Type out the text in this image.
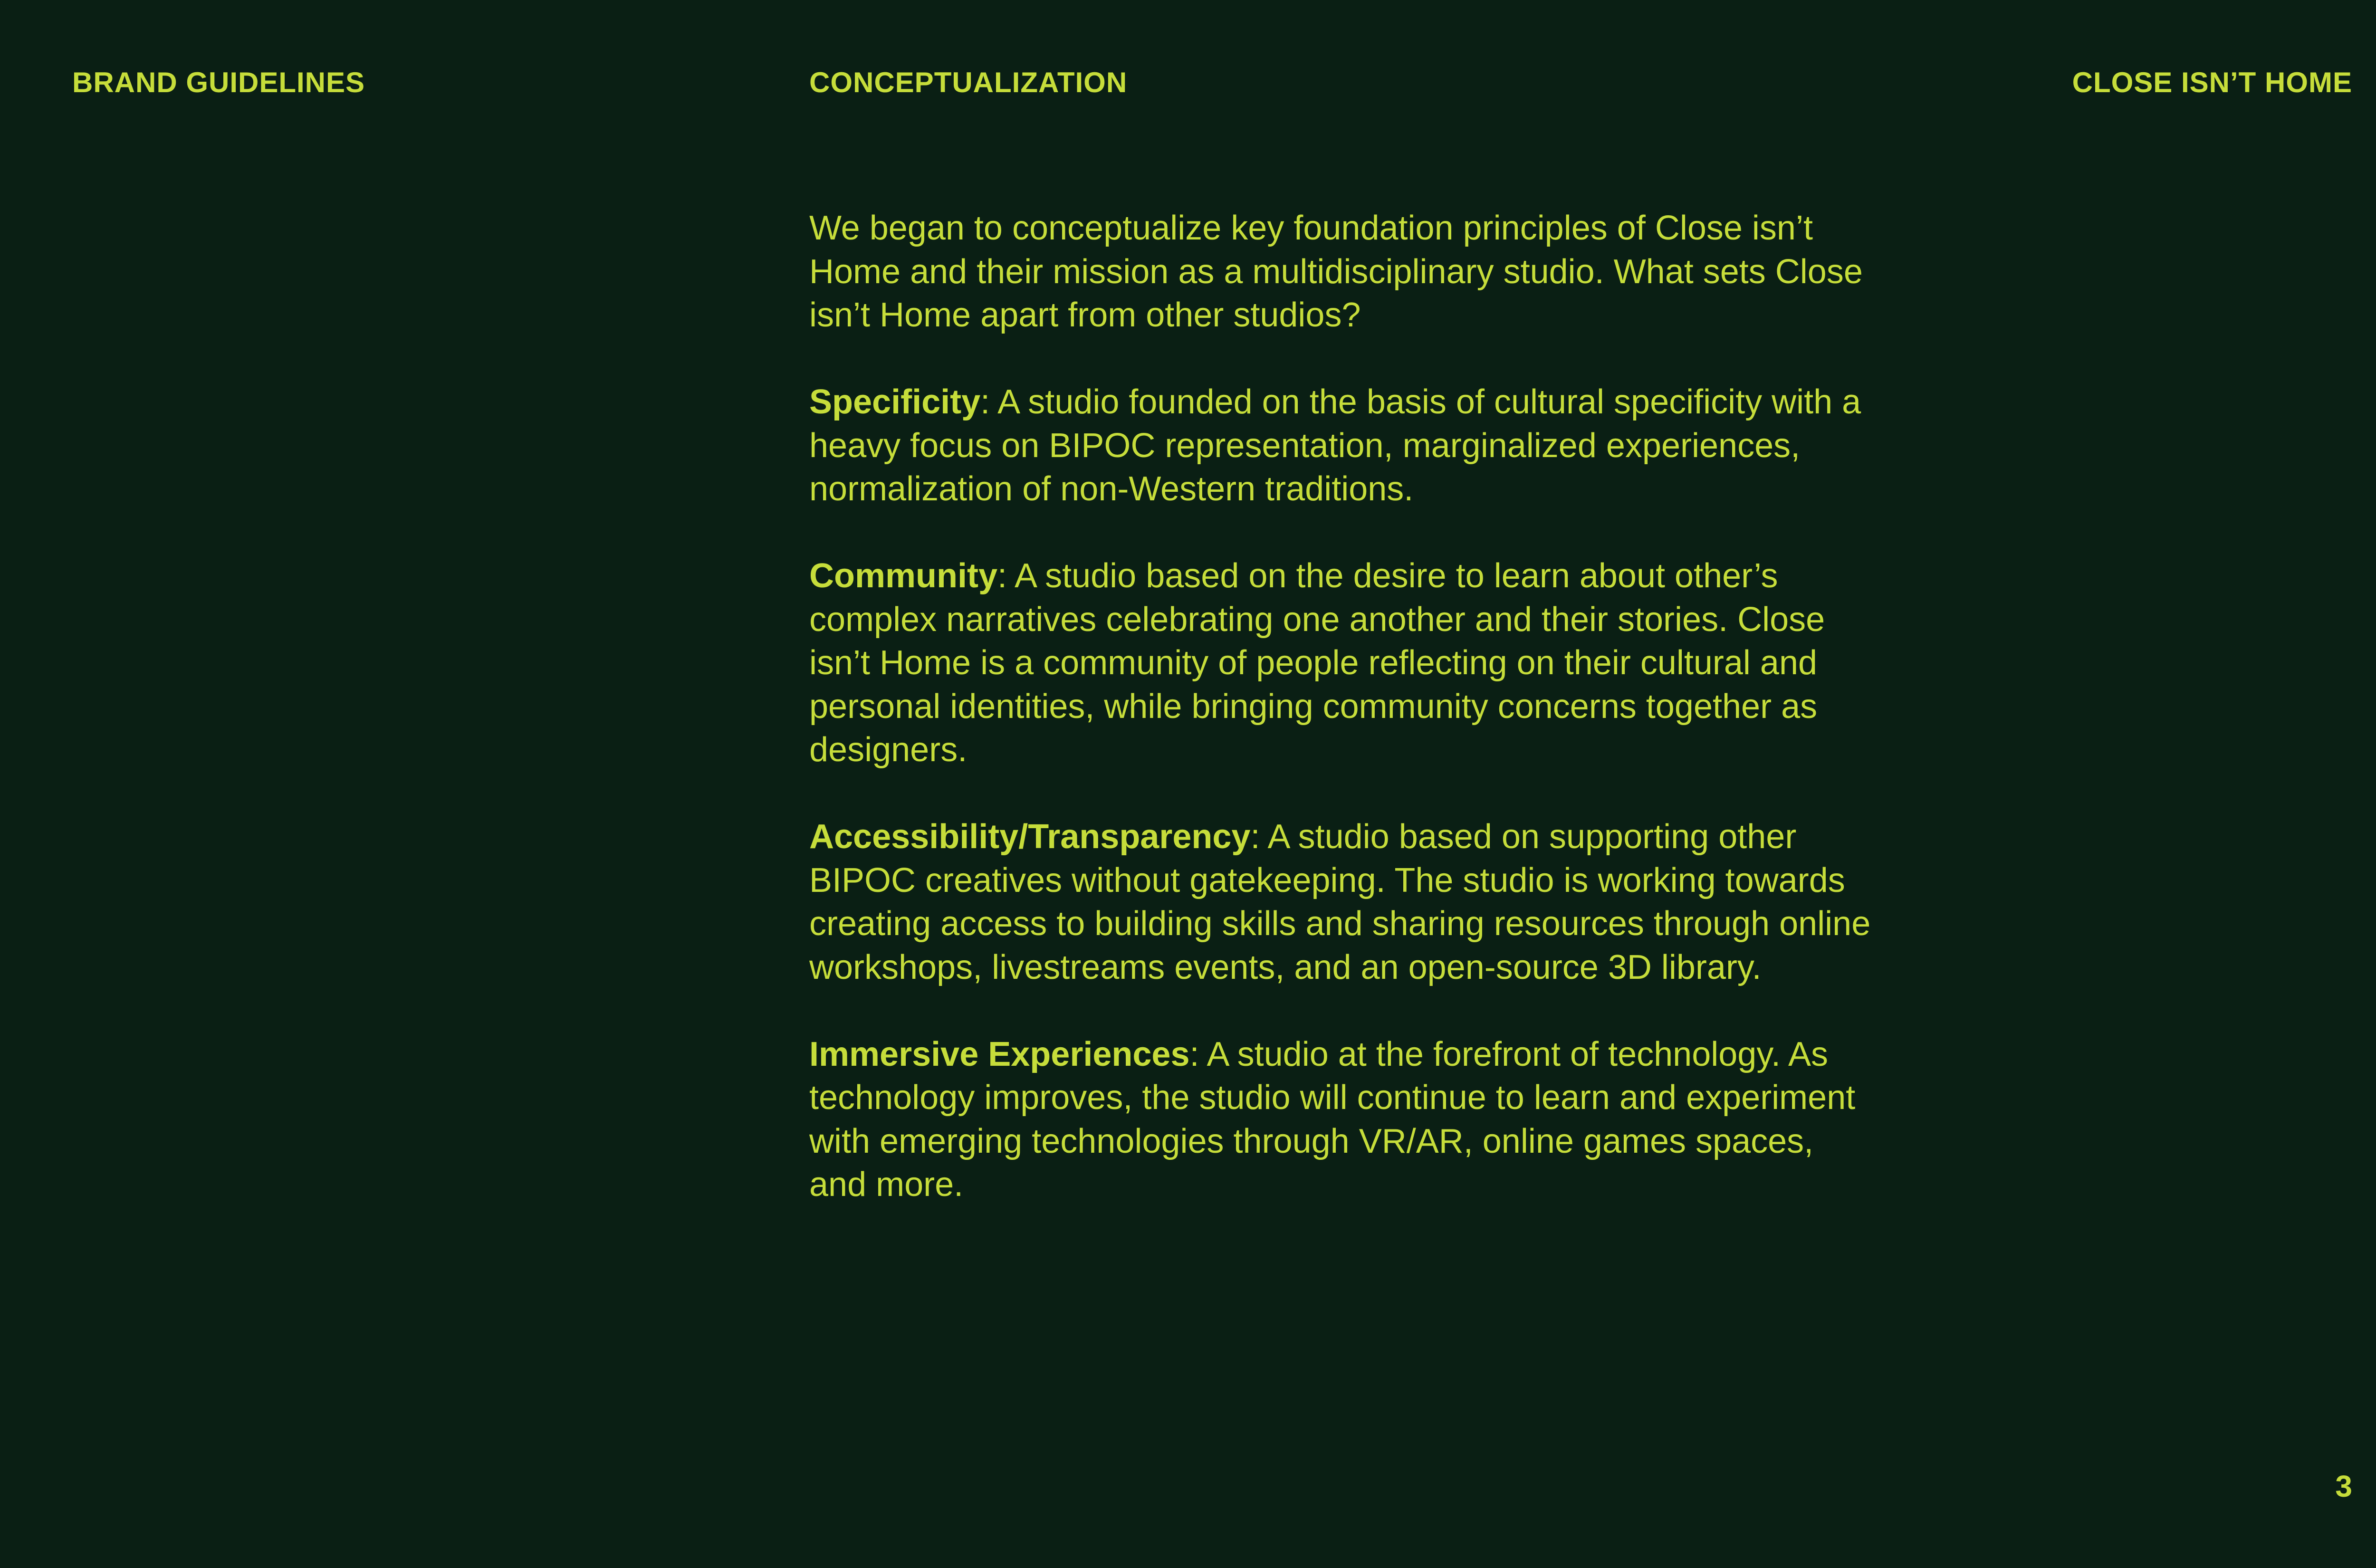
BRAND GUIDELINES	CONCEPTUALIZATION	CLOSE ISN’T HOME

We began to conceptualize key foundation principles of Close isn’t Home and their mission as a multidisciplinary studio. What sets Close isn’t Home apart from other studios?

Specificity: A studio founded on the basis of cultural specificity with a heavy focus on BIPOC representation, marginalized experiences, normalization of non-Western traditions.

Community: A studio based on the desire to learn about other’s complex narratives celebrating one another and their stories. Close isn’t Home is a community of people reflecting on their cultural and personal identities, while bringing community concerns together as designers.

Accessibility/Transparency: A studio based on supporting other BIPOC creatives without gatekeeping. The studio is working towards creating access to building skills and sharing resources through online workshops, livestreams events, and an open-source 3D library.

Immersive Experiences: A studio at the forefront of technology. As technology improves, the studio will continue to learn and experiment with emerging technologies through VR/AR, online games spaces, and more.

3
